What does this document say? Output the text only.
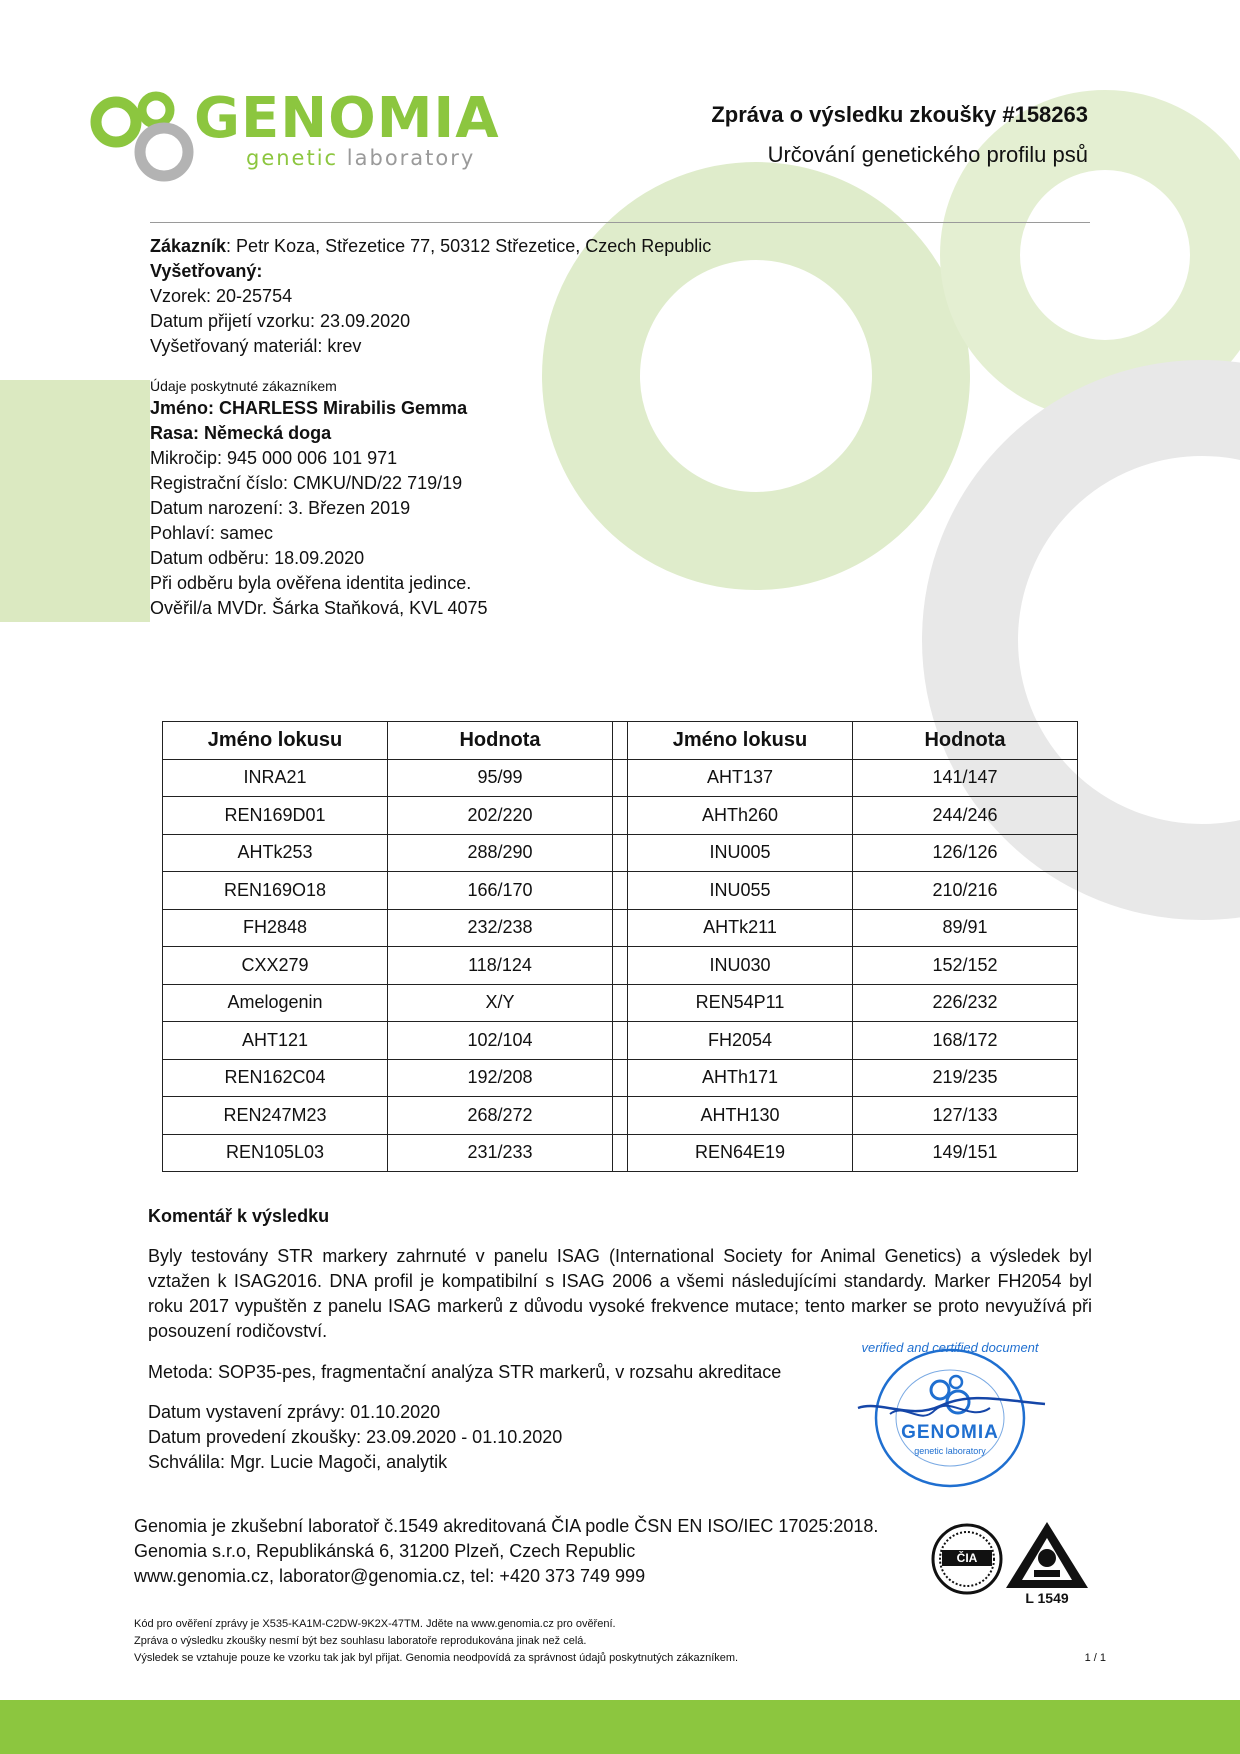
GENOMIA
genetic laboratory
Zpráva o výsledku zkoušky #158263
Určování genetického profilu psů
Zákazník: Petr Koza, Střezetice 77, 50312 Střezetice, Czech Republic
Vyšetřovaný:
Vzorek: 20-25754
Datum přijetí vzorku: 23.09.2020
Vyšetřovaný materiál: krev
Údaje poskytnuté zákazníkem
Jméno: CHARLESS Mirabilis Gemma
Rasa: Německá doga
Mikročip: 945 000 006 101 971
Registrační číslo: CMKU/ND/22 719/19
Datum narození: 3. Březen 2019
Pohlaví: samec
Datum odběru: 18.09.2020
Při odběru byla ověřena identita jedince.
Ověřil/a MVDr. Šárka Staňková, KVL 4075
Jméno lokusu	Hodnota		Jméno lokusu	Hodnota
INRA21	95/99		AHT137	141/147
REN169D01	202/220		AHTh260	244/246
AHTk253	288/290		INU005	126/126
REN169O18	166/170		INU055	210/216
FH2848	232/238		AHTk211	89/91
CXX279	118/124		INU030	152/152
Amelogenin	X/Y		REN54P11	226/232
AHT121	102/104		FH2054	168/172
REN162C04	192/208		AHTh171	219/235
REN247M23	268/272		AHTH130	127/133
REN105L03	231/233		REN64E19	149/151
Komentář k výsledku
Byly testovány STR markery zahrnuté v panelu ISAG (International Society for Animal Genetics) a výsledek byl vztažen k ISAG2016. DNA profil je kompatibilní s ISAG 2006 a všemi následujícími standardy. Marker FH2054 byl roku 2017 vypuštěn z panelu ISAG markerů z důvodu vysoké frekvence mutace; tento marker se proto nevyužívá při posouzení rodičovství.
Metoda: SOP35-pes, fragmentační analýza STR markerů, v rozsahu akreditace
Datum vystavení zprávy: 01.10.2020
Datum provedení zkoušky: 23.09.2020 - 01.10.2020
Schválila: Mgr. Lucie Magoči, analytik
verified and certified document
GENOMIA
genetic laboratory
Genomia je zkušební laboratoř č.1549 akreditovaná ČIA podle ČSN EN ISO/IEC 17025:2018.
Genomia s.r.o, Republikánská 6, 31200 Plzeň, Czech Republic
www.genomia.cz, laborator@genomia.cz, tel: +420 373 749 999
ČIA
L 1549
Kód pro ověření zprávy je X535-KA1M-C2DW-9K2X-47TM. Jděte na www.genomia.cz pro ověření.
Zpráva o výsledku zkoušky nesmí být bez souhlasu laboratoře reprodukována jinak než celá.
Výsledek se vztahuje pouze ke vzorku tak jak byl přijat. Genomia neodpovídá za správnost údajů poskytnutých zákazníkem.	1 / 1
